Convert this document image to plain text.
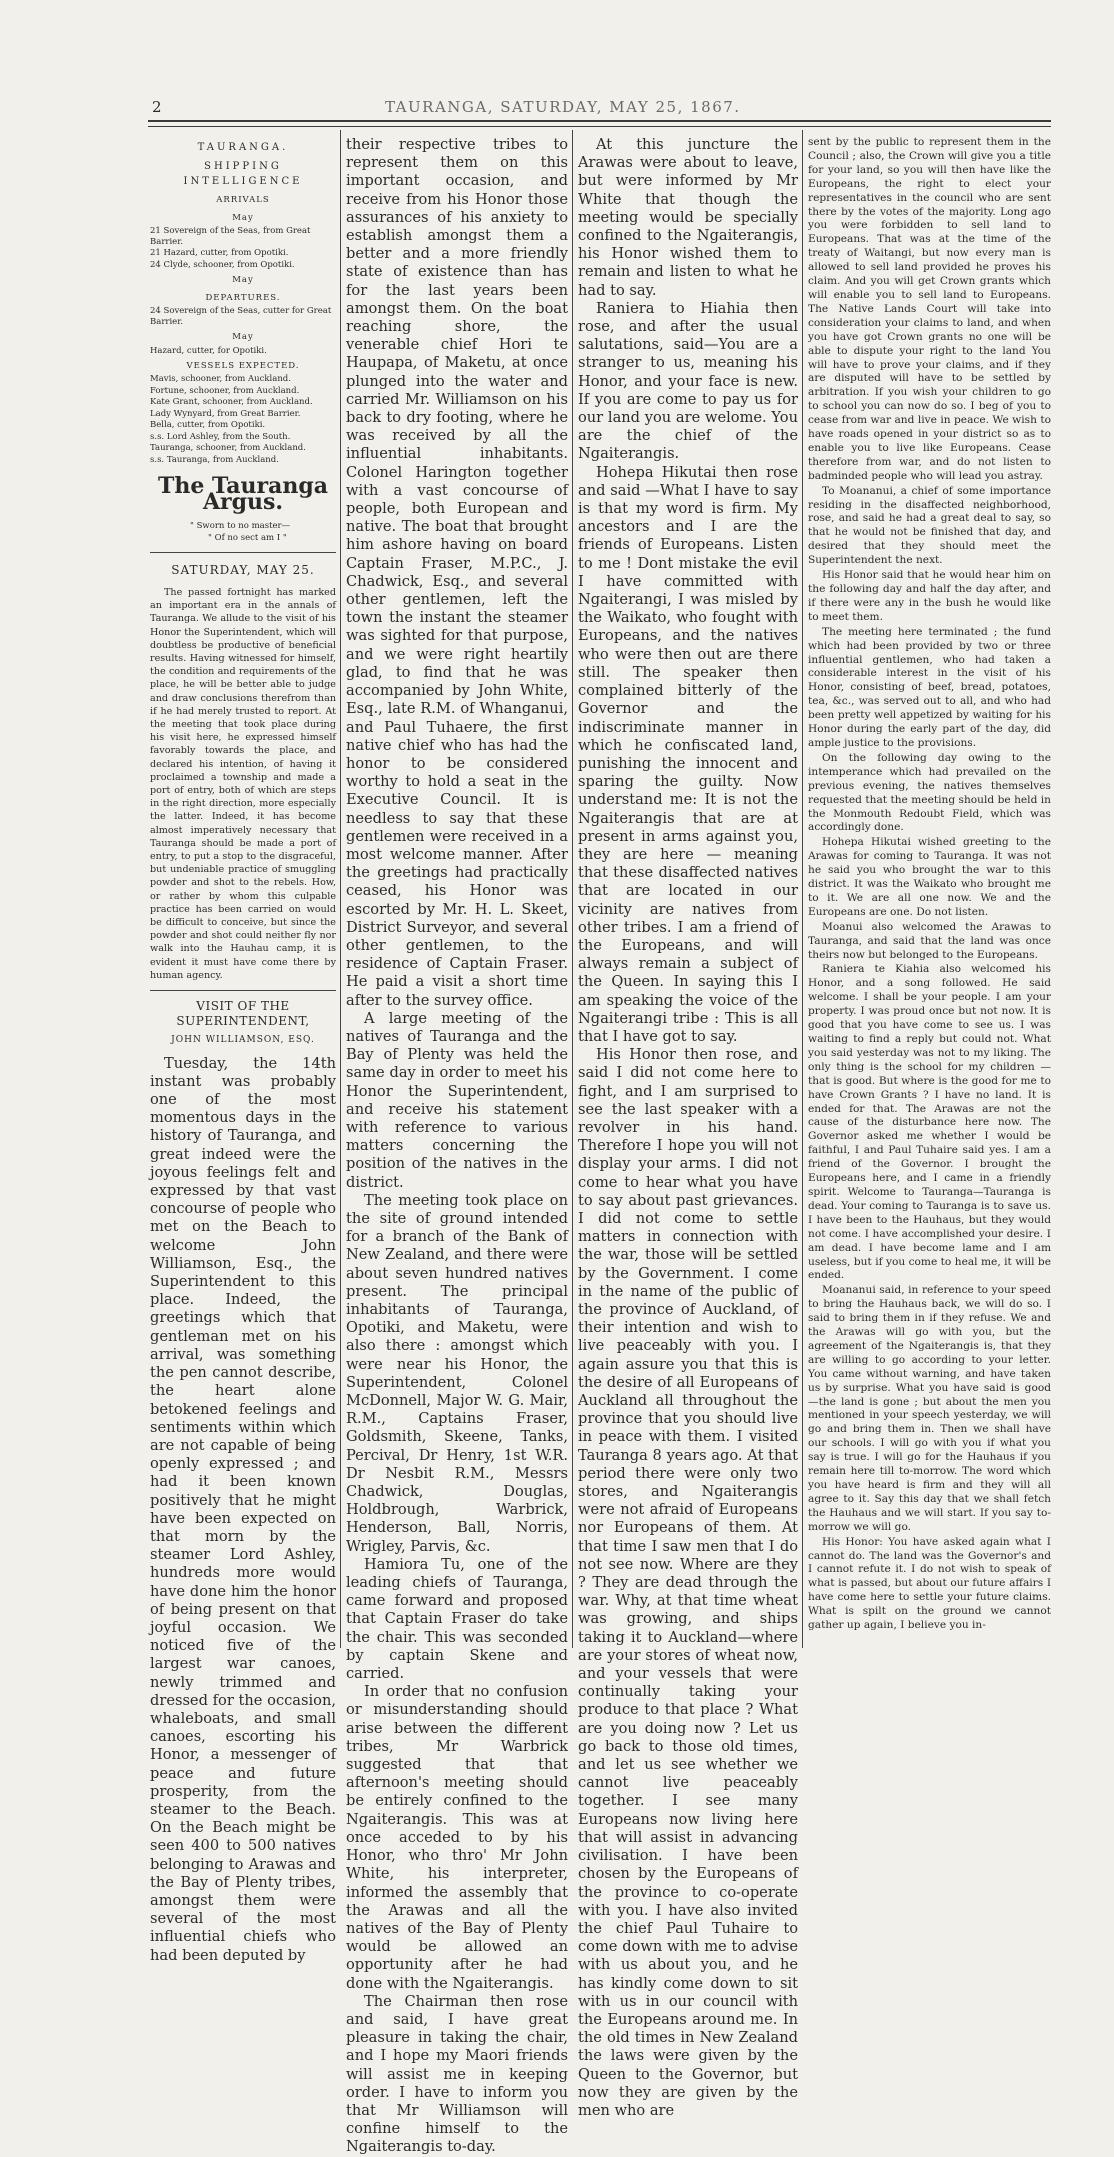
2	TAURANGA, SATURDAY, MAY 25, 1867.
TAURANGA.
SHIPPING INTELLIGENCE
ARRIVALS
May

21 Sovereign of the Seas, from Great Barrier.

21 Hazard, cutter, from Opotiki.

24 Clyde, schooner, from Opotiki.

May
DEPARTURES.

24 Sovereign of the Seas, cutter for Great Barrier.

May

Hazard, cutter, for Opotiki.

VESSELS EXPECTED.

Mavis, schooner, from Auckland.

Fortune, schooner, from Auckland.

Kate Grant, schooner, from Auckland.

Lady Wynyard, from Great Barrier.

Bella, cutter, from Opotiki.

s.s. Lord Ashley, from the South.

Tauranga, schooner, from Auckland.

s.s. Tauranga, from Auckland.

The Tauranga Argus.
" Sworn to no master—
" Of no sect am I "
SATURDAY, MAY 25.

The passed fortnight has marked an important era in the annals of Tauranga. We allude to the visit of his Honor the Superintendent, which will doubtless be productive of beneficial results. Having witnessed for himself, the condition and requirements of the place, he will be better able to judge and draw conclusions therefrom than if he had merely trusted to report. At the meeting that took place during his visit here, he expressed himself favorably towards the place, and declared his intention, of having it proclaimed a township and made a port of entry, both of which are steps in the right direction, more especially the latter. Indeed, it has become almost imperatively necessary that Tauranga should be made a port of entry, to put a stop to the disgraceful, but undeniable practice of smuggling powder and shot to the rebels. How, or rather by whom this culpable practice has been carried on would be difficult to conceive, but since the powder and shot could neither fly nor walk into the Hauhau camp, it is evident it must have come there by human agency.

VISIT OF THE SUPERINTENDENT,
JOHN WILLIAMSON, ESQ.

Tuesday, the 14th instant was probably one of the most momentous days in the history of Tauranga, and great indeed were the joyous feelings felt and expressed by that vast concourse of people who met on the Beach to welcome John Williamson, Esq., the Superintendent to this place. Indeed, the greetings which that gentleman met on his arrival, was something the pen cannot describe, the heart alone betokened feelings and sentiments within which are not capable of being openly expressed ; and had it been known positively that he might have been expected on that morn by the steamer Lord Ashley, hundreds more would have done him the honor of being present on that joyful occasion. We noticed five of the largest war canoes, newly trimmed and dressed for the occasion, whaleboats, and small canoes, escorting his Honor, a messenger of peace and future prosperity, from the steamer to the Beach. On the Beach might be seen 400 to 500 natives belonging to Arawas and the Bay of Plenty tribes, amongst them were several of the most influential chiefs who had been deputed by

their respective tribes to represent them on this important occasion, and receive from his Honor those assurances of his anxiety to establish amongst them a better and a more friendly state of existence than has for the last years been amongst them. On the boat reaching shore, the venerable chief Hori te Haupapa, of Maketu, at once plunged into the water and carried Mr. Williamson on his back to dry footing, where he was received by all the influential inhabitants. Colonel Harington together with a vast concourse of people, both European and native. The boat that brought him ashore having on board Captain Fraser, M.P.C., J. Chadwick, Esq., and several other gentlemen, left the town the instant the steamer was sighted for that purpose, and we were right heartily glad, to find that he was accompanied by John White, Esq., late R.M. of Whanganui, and Paul Tuhaere, the first native chief who has had the honor to be considered worthy to hold a seat in the Executive Council. It is needless to say that these gentlemen were received in a most welcome manner. After the greetings had practically ceased, his Honor was escorted by Mr. H. L. Skeet, District Surveyor, and several other gentlemen, to the residence of Captain Fraser. He paid a visit a short time after to the survey office.

A large meeting of the natives of Tauranga and the Bay of Plenty was held the same day in order to meet his Honor the Superintendent, and receive his statement with reference to various matters concerning the position of the natives in the district.

The meeting took place on the site of ground intended for a branch of the Bank of New Zealand, and there were about seven hundred natives present. The principal inhabitants of Tauranga, Opotiki, and Maketu, were also there : amongst which were near his Honor, the Superintendent, Colonel McDonnell, Major W. G. Mair, R.M., Captains Fraser, Goldsmith, Skeene, Tanks, Percival, Dr Henry, 1st W.R. Dr Nesbit R.M., Messrs Chadwick, Douglas, Holdbrough, Warbrick, Henderson, Ball, Norris, Wrigley, Parvis, &c.

Hamiora Tu, one of the leading chiefs of Tauranga, came forward and proposed that Captain Fraser do take the chair. This was seconded by captain Skene and carried.

In order that no confusion or misunderstanding should arise between the different tribes, Mr Warbrick suggested that that afternoon's meeting should be entirely confined to the Ngaiterangis. This was at once acceded to by his Honor, who thro' Mr John White, his interpreter, informed the assembly that the Arawas and all the natives of the Bay of Plenty would be allowed an opportunity after he had done with the Ngaiterangis.

The Chairman then rose and said, I have great pleasure in taking the chair, and I hope my Maori friends will assist me in keeping order. I have to inform you that Mr Williamson will confine himself to the Ngaiterangis to-day.

At this juncture the Arawas were about to leave, but were informed by Mr White that though the meeting would be specially confined to the Ngaiterangis, his Honor wished them to remain and listen to what he had to say.

Raniera to Hiahia then rose, and after the usual salutations, said—You are a stranger to us, meaning his Honor, and your face is new. If you are come to pay us for our land you are welome. You are the chief of the Ngaiterangis.

Hohepa Hikutai then rose and said —What I have to say is that my word is firm. My ancestors and I are the friends of Europeans. Listen to me ! Dont mistake the evil I have committed with Ngaiterangi, I was misled by the Waikato, who fought with Europeans, and the natives who were then out are there still. The speaker then complained bitterly of the Governor and the indiscriminate manner in which he confiscated land, punishing the innocent and sparing the guilty. Now understand me: It is not the Ngaiterangis that are at present in arms against you, they are here — meaning that these disaffected natives that are located in our vicinity are natives from other tribes. I am a friend of the Europeans, and will always remain a subject of the Queen. In saying this I am speaking the voice of the Ngaiterangi tribe : This is all that I have got to say.

His Honor then rose, and said I did not come here to fight, and I am surprised to see the last speaker with a revolver in his hand. Therefore I hope you will not display your arms. I did not come to hear what you have to say about past grievances. I did not come to settle matters in connection with the war, those will be settled by the Government. I come in the name of the public of the province of Auckland, of their intention and wish to live peaceably with you. I again assure you that this is the desire of all Europeans of Auckland all throughout the province that you should live in peace with them. I visited Tauranga 8 years ago. At that period there were only two stores, and Ngaiterangis were not afraid of Europeans nor Europeans of them. At that time I saw men that I do not see now. Where are they ? They are dead through the war. Why, at that time wheat was growing, and ships taking it to Auckland—where are your stores of wheat now, and your vessels that were continually taking your produce to that place ? What are you doing now ? Let us go back to those old times, and let us see whether we cannot live peaceably together. I see many Europeans now living here that will assist in advancing civilisation. I have been chosen by the Europeans of the province to co-operate with you. I have also invited the chief Paul Tuhaire to come down with me to advise with us about you, and he has kindly come down to sit with us in our council with the Europeans around me. In the old times in New Zealand the laws were given by the Queen to the Governor, but now they are given by the men who are

sent by the public to represent them in the Council ; also, the Crown will give you a title for your land, so you will then have like the Europeans, the right to elect your representatives in the council who are sent there by the votes of the majority. Long ago you were forbidden to sell land to Europeans. That was at the time of the treaty of Waitangi, but now every man is allowed to sell land provided he proves his claim. And you will get Crown grants which will enable you to sell land to Europeans. The Native Lands Court will take into consideration your claims to land, and when you have got Crown grants no one will be able to dispute your right to the land You will have to prove your claims, and if they are disputed will have to be settled by arbitration. If you wish your children to go to school you can now do so. I beg of you to cease from war and live in peace. We wish to have roads opened in your district so as to enable you to live like Europeans. Cease therefore from war, and do not listen to badminded people who will lead you astray.

To Moananui, a chief of some importance residing in the disaffected neighborhood, rose, and said he had a great deal to say, so that he would not be finished that day, and desired that they should meet the Superintendent the next.

His Honor said that he would hear him on the following day and half the day after, and if there were any in the bush he would like to meet them.

The meeting here terminated ; the fund which had been provided by two or three influential gentlemen, who had taken a considerable interest in the visit of his Honor, consisting of beef, bread, potatoes, tea, &c., was served out to all, and who had been pretty well appetized by waiting for his Honor during the early part of the day, did ample justice to the provisions.

On the following day owing to the intemperance which had prevailed on the previous evening, the natives themselves requested that the meeting should be held in the Monmouth Redoubt Field, which was accordingly done.

Hohepa Hikutai wished greeting to the Arawas for coming to Tauranga. It was not he said you who brought the war to this district. It was the Waikato who brought me to it. We are all one now. We and the Europeans are one. Do not listen.

Moanui also welcomed the Arawas to Tauranga, and said that the land was once theirs now but belonged to the Europeans.

Raniera te Kiahia also welcomed his Honor, and a song followed. He said welcome. I shall be your people. I am your property. I was proud once but not now. It is good that you have come to see us. I was waiting to find a reply but could not. What you said yesterday was not to my liking. The only thing is the school for my children —that is good. But where is the good for me to have Crown Grants ? I have no land. It is ended for that. The Arawas are not the cause of the disturbance here now. The Governor asked me whether I would be faithful, I and Paul Tuhaire said yes. I am a friend of the Governor. I brought the Europeans here, and I came in a friendly spirit. Welcome to Tauranga—Tauranga is dead. Your coming to Tauranga is to save us. I have been to the Hauhaus, but they would not come. I have accomplished your desire. I am dead. I have become lame and I am useless, but if you come to heal me, it will be ended.

Moananui said, in reference to your speed to bring the Hauhaus back, we will do so. I said to bring them in if they refuse. We and the Arawas will go with you, but the agreement of the Ngaiterangis is, that they are willing to go according to your letter. You came without warning, and have taken us by surprise. What you have said is good —the land is gone ; but about the men you mentioned in your speech yesterday, we will go and bring them in. Then we shall have our schools. I will go with you if what you say is true. I will go for the Hauhaus if you remain here till to-morrow. The word which you have heard is firm and they will all agree to it. Say this day that we shall fetch the Hauhaus and we will start. If you say to-morrow we will go.

His Honor: You have asked again what I cannot do. The land was the Governor's and I cannot refute it. I do not wish to speak of what is passed, but about our future affairs I have come here to settle your future claims. What is spilt on the ground we cannot gather up again, I believe you in-
